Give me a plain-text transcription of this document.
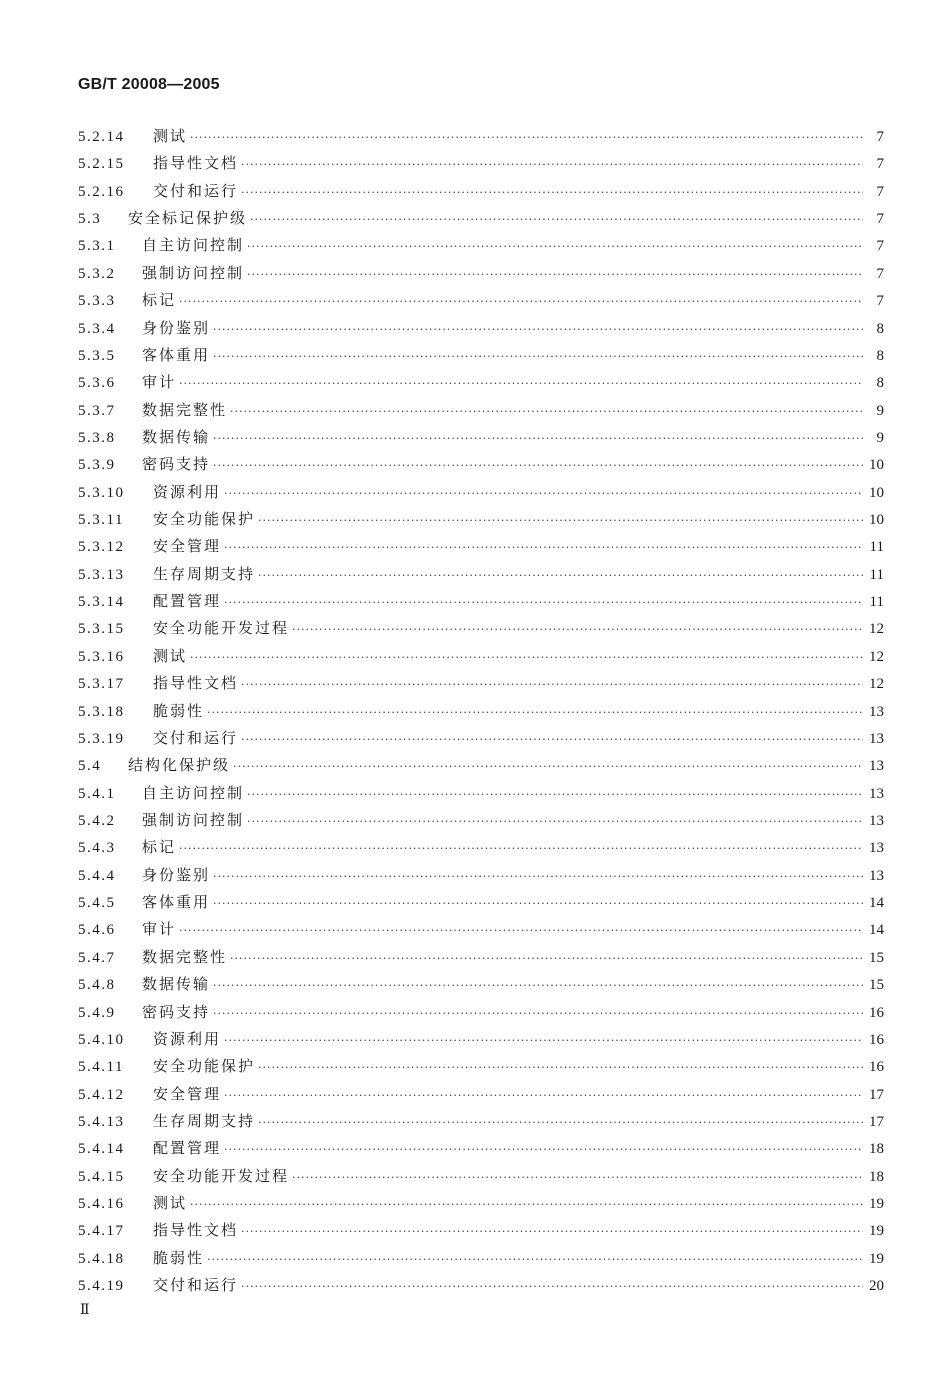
GB/T 20008—2005
5.2.14	测试 ·····	7
5.2.15	指导性文档 ·····	7
5.2.16	交付和运行 ·····	7
5.3	安全标记保护级 ·····	7
5.3.1	自主访问控制 ·····	7
5.3.2	强制访问控制 ·····	7
5.3.3	标记 ·····	7
5.3.4	身份鉴别 ·····	8
5.3.5	客体重用 ·····	8
5.3.6	审计 ·····	8
5.3.7	数据完整性 ·····	9
5.3.8	数据传输 ·····	9
5.3.9	密码支持 ·····	10
5.3.10	资源利用 ·····	10
5.3.11	安全功能保护 ·····	10
5.3.12	安全管理 ·····	11
5.3.13	生存周期支持 ·····	11
5.3.14	配置管理 ·····	11
5.3.15	安全功能开发过程 ·····	12
5.3.16	测试 ·····	12
5.3.17	指导性文档 ·····	12
5.3.18	脆弱性 ·····	13
5.3.19	交付和运行 ·····	13
5.4	结构化保护级 ·····	13
5.4.1	自主访问控制 ·····	13
5.4.2	强制访问控制 ·····	13
5.4.3	标记 ·····	13
5.4.4	身份鉴别 ·····	13
5.4.5	客体重用 ·····	14
5.4.6	审计 ·····	14
5.4.7	数据完整性 ·····	15
5.4.8	数据传输 ·····	15
5.4.9	密码支持 ·····	16
5.4.10	资源利用 ·····	16
5.4.11	安全功能保护 ·····	16
5.4.12	安全管理 ·····	17
5.4.13	生存周期支持 ·····	17
5.4.14	配置管理 ·····	18
5.4.15	安全功能开发过程 ·····	18
5.4.16	测试 ·····	19
5.4.17	指导性文档 ·····	19
5.4.18	脆弱性 ·····	19
5.4.19	交付和运行 ·····	20
Ⅱ
